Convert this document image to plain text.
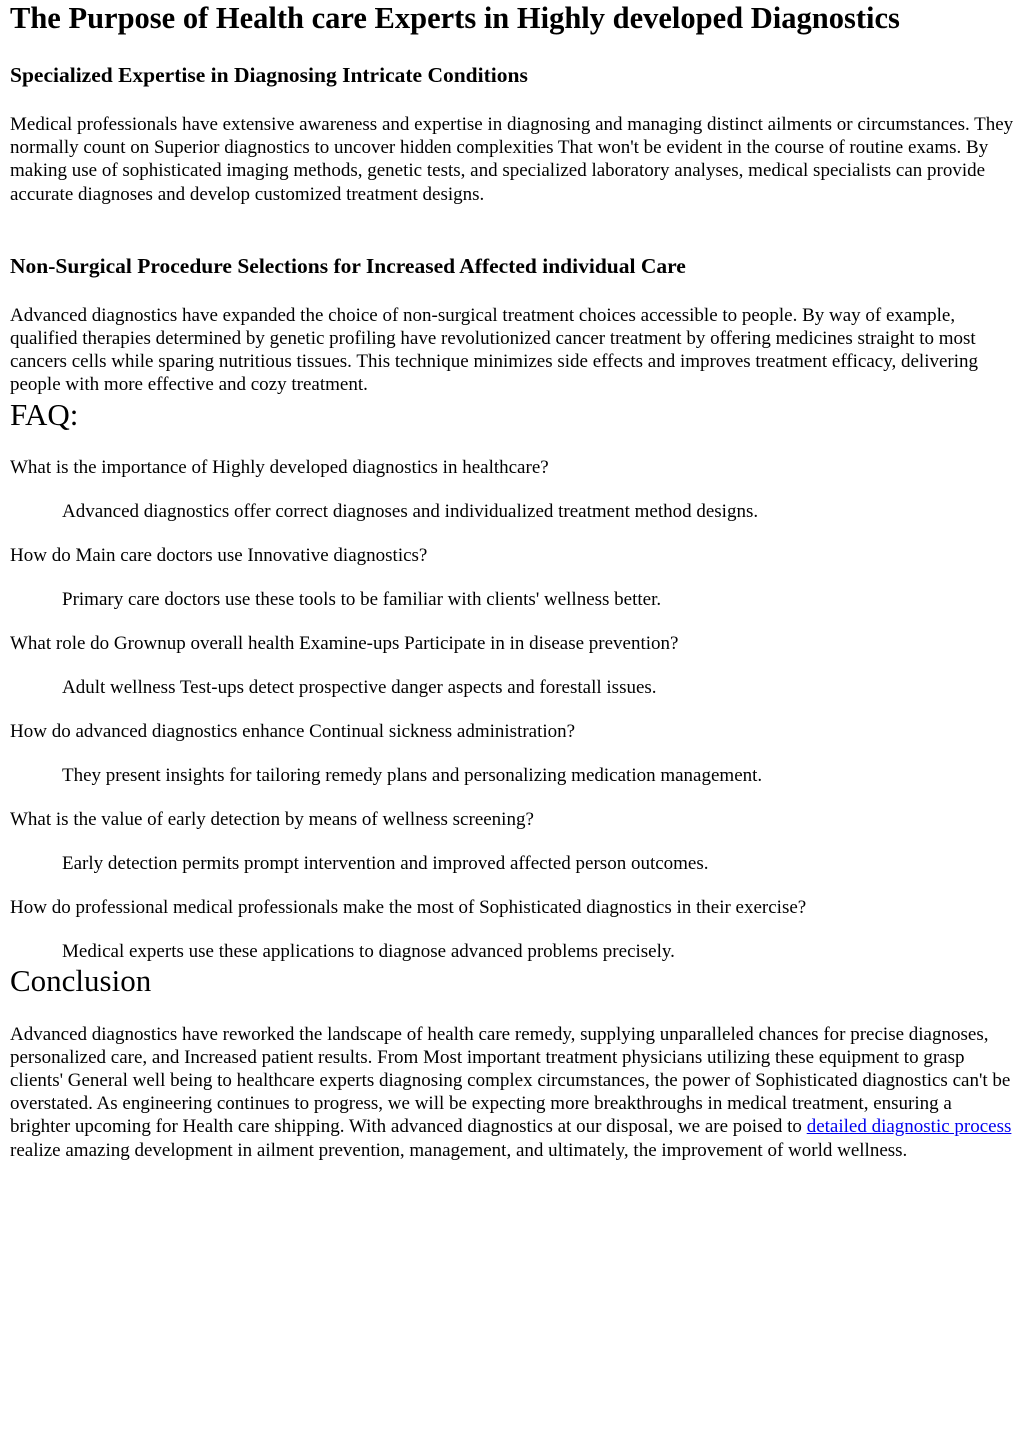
The Purpose of Health care Experts in Highly developed Diagnostics
Specialized Expertise in Diagnosing Intricate Conditions

Medical professionals have extensive awareness and expertise in diagnosing and managing distinct ailments or circumstances. They normally count on Superior diagnostics to uncover hidden complexities That won't be evident in the course of routine exams. By making use of sophisticated imaging methods, genetic tests, and specialized laboratory analyses, medical specialists can provide accurate diagnoses and develop customized treatment designs.

Non-Surgical Procedure Selections for Increased Affected individual Care

Advanced diagnostics have expanded the choice of non-surgical treatment choices accessible to people. By way of example, qualified therapies determined by genetic profiling have revolutionized cancer treatment by offering medicines straight to most cancers cells while sparing nutritious tissues. This technique minimizes side effects and improves treatment efficacy, delivering people with more effective and cozy treatment.

FAQ:

What is the importance of Highly developed diagnostics in healthcare?

Advanced diagnostics offer correct diagnoses and individualized treatment method designs.

How do Main care doctors use Innovative diagnostics?

Primary care doctors use these tools to be familiar with clients' wellness better.

What role do Grownup overall health Examine-ups Participate in in disease prevention?

Adult wellness Test-ups detect prospective danger aspects and forestall issues.

How do advanced diagnostics enhance Continual sickness administration?

They present insights for tailoring remedy plans and personalizing medication management.

What is the value of early detection by means of wellness screening?

Early detection permits prompt intervention and improved affected person outcomes.

How do professional medical professionals make the most of Sophisticated diagnostics in their exercise?

Medical experts use these applications to diagnose advanced problems precisely.

Conclusion

Advanced diagnostics have reworked the landscape of health care remedy, supplying unparalleled chances for precise diagnoses, personalized care, and Increased patient results. From Most important treatment physicians utilizing these equipment to grasp clients' General well being to healthcare experts diagnosing complex circumstances, the power of Sophisticated diagnostics can't be overstated. As engineering continues to progress, we will be expecting more breakthroughs in medical treatment, ensuring a brighter upcoming for Health care shipping. With advanced diagnostics at our disposal, we are poised to detailed diagnostic process realize amazing development in ailment prevention, management, and ultimately, the improvement of world wellness.
